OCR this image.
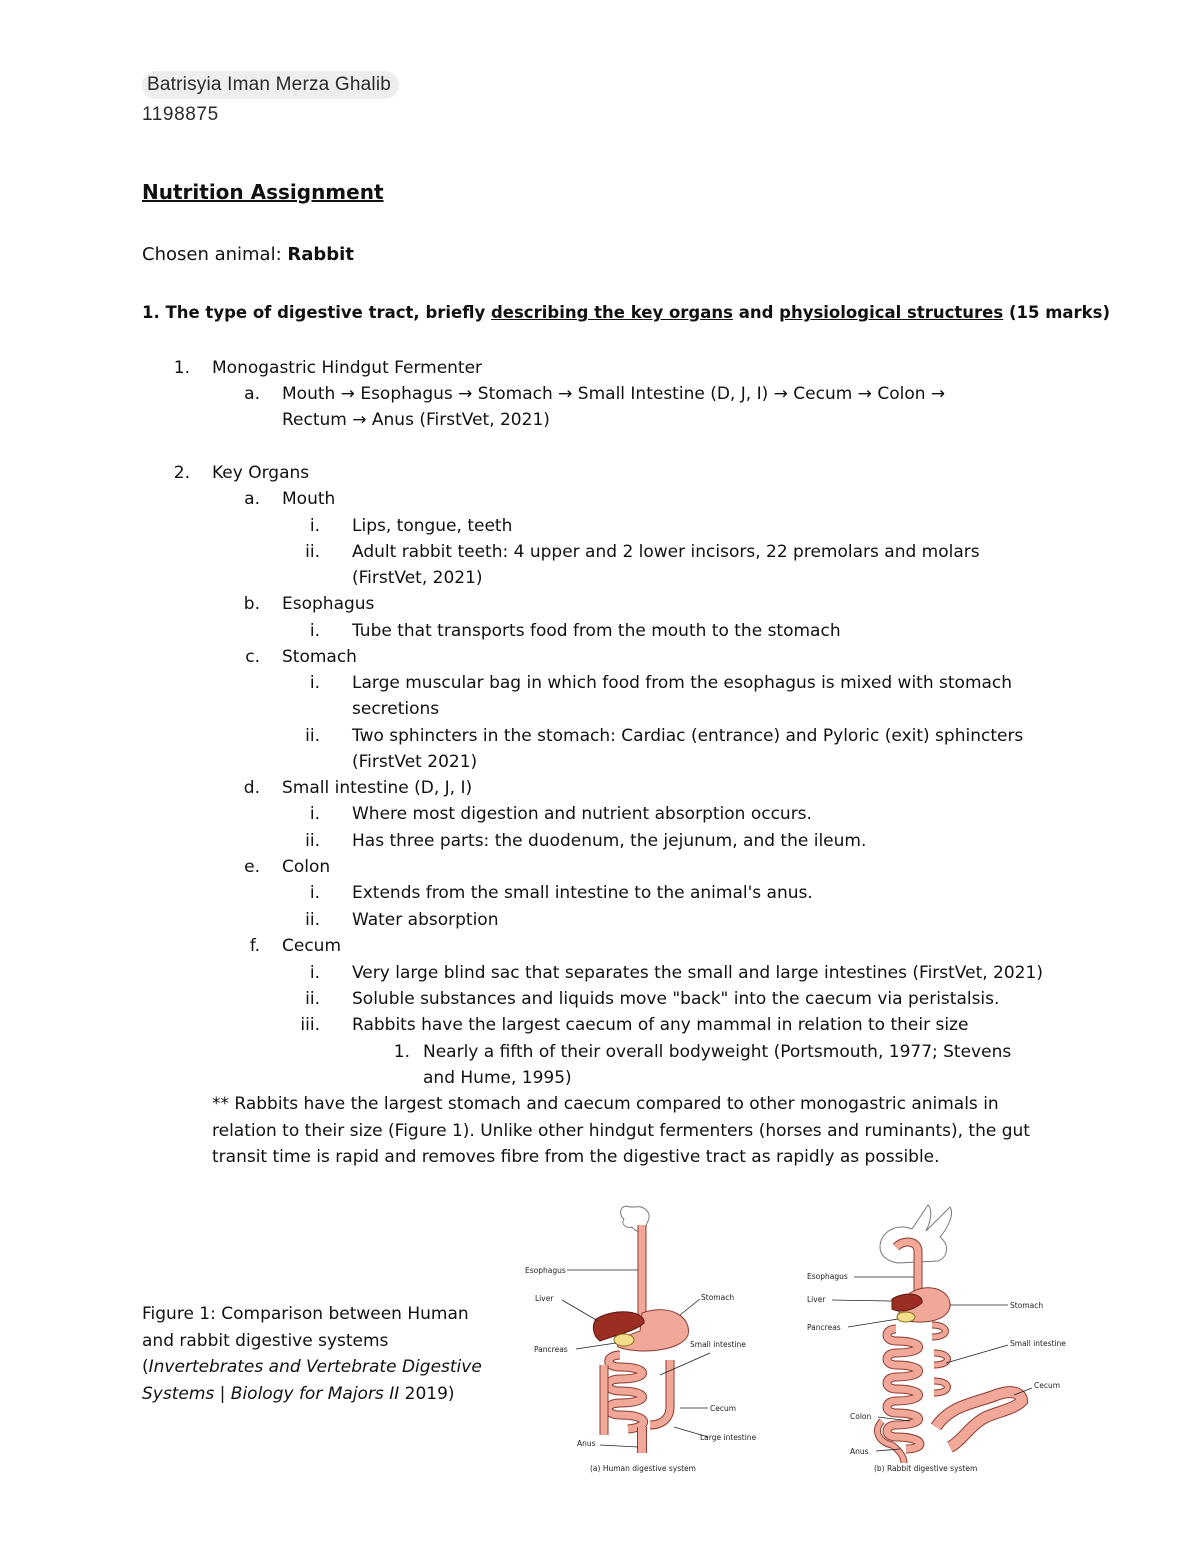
Batrisyia Iman Merza Ghalib
1198875
Nutrition Assignment
Chosen animal: Rabbit
1. The type of digestive tract, briefly describing the key organs and physiological structures (15 marks)
1. Monogastric Hindgut Fermenter
a. Mouth → Esophagus → Stomach → Small Intestine (D, J, I) → Cecum → Colon →
Rectum → Anus (FirstVet, 2021)
2. Key Organs
a. Mouth
i. Lips, tongue, teeth
ii. Adult rabbit teeth: 4 upper and 2 lower incisors, 22 premolars and molars
(FirstVet, 2021)
b. Esophagus
i. Tube that transports food from the mouth to the stomach
c. Stomach
i. Large muscular bag in which food from the esophagus is mixed with stomach
secretions
ii. Two sphincters in the stomach: Cardiac (entrance) and Pyloric (exit) sphincters
(FirstVet 2021)
d. Small intestine (D, J, I)
i. Where most digestion and nutrient absorption occurs.
ii. Has three parts: the duodenum, the jejunum, and the ileum.
e. Colon
i. Extends from the small intestine to the animal's anus.
ii. Water absorption
f. Cecum
i. Very large blind sac that separates the small and large intestines (FirstVet, 2021)
ii. Soluble substances and liquids move "back" into the caecum via peristalsis.
iii. Rabbits have the largest caecum of any mammal in relation to their size
1. Nearly a fifth of their overall bodyweight (Portsmouth, 1977; Stevens
and Hume, 1995)
** Rabbits have the largest stomach and caecum compared to other monogastric animals in
relation to their size (Figure 1). Unlike other hindgut fermenters (horses and ruminants), the gut
transit time is rapid and removes fibre from the digestive tract as rapidly as possible.
Figure 1: Comparison between Human
and rabbit digestive systems
(Invertebrates and Vertebrate Digestive
Systems | Biology for Majors II 2019)
Esophagus
Liver	Stomach
Pancreas
Small intestine
Cecum
Large intestine
Anus
(a) Human digestive system
Esophagus
Liver
Stomach
Pancreas
Small intestine
Cecum
Colon
Anus
(b) Rabbit digestive system
